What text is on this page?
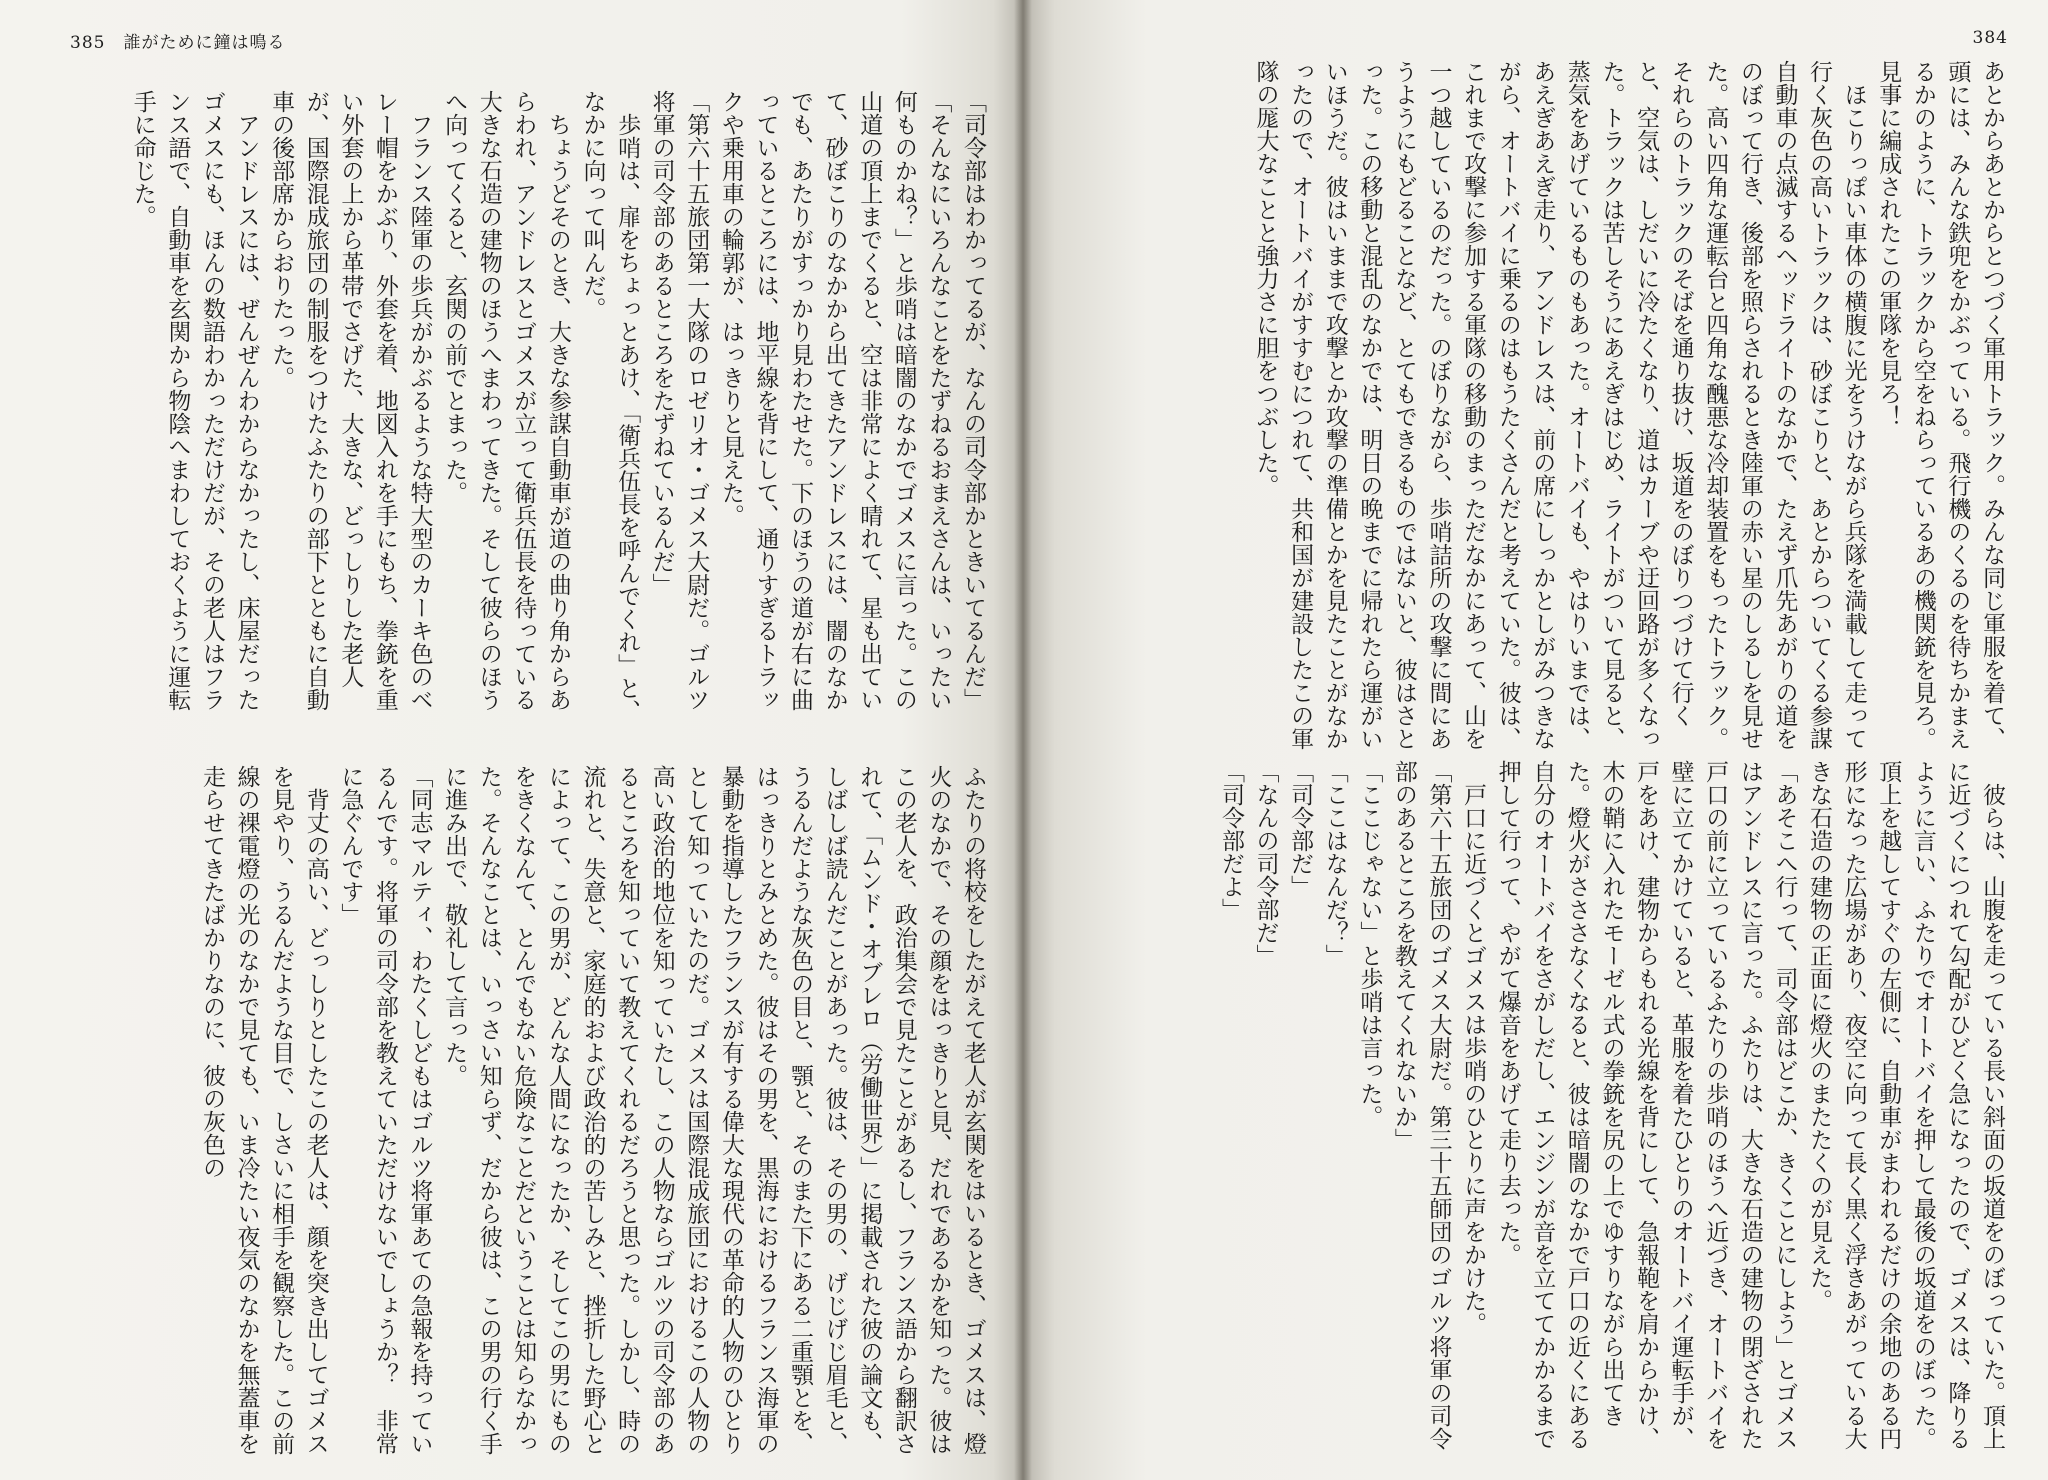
385 誰がために鐘は鳴る

「司令部はわかってるが、なんの司令部かときいてるんだ」

「そんなにいろんなことをたずねるおまえさんは、いったい何ものかね？」と歩哨は暗闇のなかでゴメスに言った。この山道の頂上までくると、空は非常によく晴れて、星も出ていて、砂ぼこりのなかから出てきたアンドレスには、闇のなかでも、あたりがすっかり見わたせた。下のほうの道が右に曲っているところには、地平線を背にして、通りすぎるトラックや乗用車の輪郭が、はっきりと見えた。

「第六十五旅団第一大隊のロゼリオ・ゴメス大尉だ。ゴルツ将軍の司令部のあるところをたずねているんだ」

歩哨は、扉をちょっとあけ、「衛兵伍長を呼んでくれ」と、なかに向って叫んだ。

ちょうどそのとき、大きな参謀自動車が道の曲り角からあらわれ、アンドレスとゴメスが立って衛兵伍長を待っている大きな石造の建物のほうへまわってきた。そして彼らのほうへ向ってくると、玄関の前でとまった。

フランス陸軍の歩兵がかぶるような特大型のカーキ色のベレー帽をかぶり、外套を着、地図入れを手にもち、拳銃を重い外套の上から革帯でさげた、大きな、どっしりした老人が、国際混成旅団の制服をつけたふたりの部下とともに自動車の後部席からおりたった。

アンドレスには、ぜんぜんわからなかったし、床屋だったゴメスにも、ほんの数語わかっただけだが、その老人はフランス語で、自動車を玄関から物陰へまわしておくように運転手に命じた。

ふたりの将校をしたがえて老人が玄関をはいるとき、ゴメスは、燈火のなかで、その顔をはっきりと見、だれであるかを知った。彼はこの老人を、政治集会で見たことがあるし、フランス語から翻訳されて、「ムンド・オブレロ（労働世界）」に掲載された彼の論文も、しばしば読んだことがあった。彼は、その男の、げじげじ眉毛と、うるんだような灰色の目と、顎と、そのまた下にある二重顎とを、はっきりとみとめた。彼はその男を、黒海におけるフランス海軍の暴動を指導したフランスが有する偉大な現代の革命的人物のひとりとして知っていたのだ。ゴメスは国際混成旅団におけるこの人物の高い政治的地位を知っていたし、この人物ならゴルツの司令部のあるところを知っていて教えてくれるだろうと思った。しかし、時の流れと、失意と、家庭的および政治的の苦しみと、挫折した野心とによって、この男が、どんな人間になったか、そしてこの男にものをきくなんて、とんでもない危険なことだということは知らなかった。そんなことは、いっさい知らず、だから彼は、この男の行く手に進み出で、敬礼して言った。

「同志マルティ、わたくしどもはゴルツ将軍あての急報を持っているんです。将軍の司令部を教えていただけないでしょうか？　非常に急ぐんです」

背丈の高い、どっしりとしたこの老人は、顔を突き出してゴメスを見やり、うるんだような目で、しさいに相手を観察した。この前線の裸電燈の光のなかで見ても、いま冷たい夜気のなかを無蓋車を走らせてきたばかりなのに、彼の灰色の

384

あとからあとからとつづく軍用トラック。みんな同じ軍服を着て、頭には、みんな鉄兜をかぶっている。飛行機のくるのを待ちかまえるかのように、トラックから空をねらっているあの機関銃を見ろ。見事に編成されたこの軍隊を見ろ！

ほこりっぽい車体の横腹に光をうけながら兵隊を満載して走って行く灰色の高いトラックは、砂ぼこりと、あとからついてくる参謀自動車の点滅するヘッドライトのなかで、たえず爪先あがりの道をのぼって行き、後部を照らされるとき陸軍の赤い星のしるしを見せた。高い四角な運転台と四角な醜悪な冷却装置をもったトラック。それらのトラックのそばを通り抜け、坂道をのぼりつづけて行くと、空気は、しだいに冷たくなり、道はカーブや迂回路が多くなった。トラックは苦しそうにあえぎはじめ、ライトがついて見ると、蒸気をあげているものもあった。オートバイも、やはりいまでは、あえぎあえぎ走り、アンドレスは、前の席にしっかとしがみつきながら、オートバイに乗るのはもうたくさんだと考えていた。彼は、これまで攻撃に参加する軍隊の移動のまっただなかにあって、山を一つ越しているのだった。のぼりながら、歩哨詰所の攻撃に間にあうようにもどることなど、とてもできるものではないと、彼はさとった。この移動と混乱のなかでは、明日の晩までに帰れたら運がいいほうだ。彼はいままで攻撃とか攻撃の準備とかを見たことがなかったので、オートバイがすすむにつれて、共和国が建設したこの軍隊の厖大なことと強力さに胆をつぶした。

彼らは、山腹を走っている長い斜面の坂道をのぼっていた。頂上に近づくにつれて勾配がひどく急になったので、ゴメスは、降りるように言い、ふたりでオートバイを押して最後の坂道をのぼった。頂上を越してすぐの左側に、自動車がまわれるだけの余地のある円形になった広場があり、夜空に向って長く黒く浮きあがっている大きな石造の建物の正面に燈火のまたたくのが見えた。

「あそこへ行って、司令部はどこか、きくことにしよう」とゴメスはアンドレスに言った。ふたりは、大きな石造の建物の閉ざされた戸口の前に立っているふたりの歩哨のほうへ近づき、オートバイを壁に立てかけていると、革服を着たひとりのオートバイ運転手が、戸をあけ、建物からもれる光線を背にして、急報鞄を肩からかけ、木の鞘に入れたモーゼル式の拳銃を尻の上でゆすりながら出てきた。燈火がさささなくなると、彼は暗闇のなかで戸口の近くにある自分のオートバイをさがしだし、エンジンが音を立ててかかるまで押して行って、やがて爆音をあげて走り去った。

戸口に近づくとゴメスは歩哨のひとりに声をかけた。

「第六十五旅団のゴメス大尉だ。第三十五師団のゴルツ将軍の司令部のあるところを教えてくれないか」

「ここじゃない」と歩哨は言った。

「ここはなんだ？」

「司令部だ」

「なんの司令部だ」

「司令部だよ」
